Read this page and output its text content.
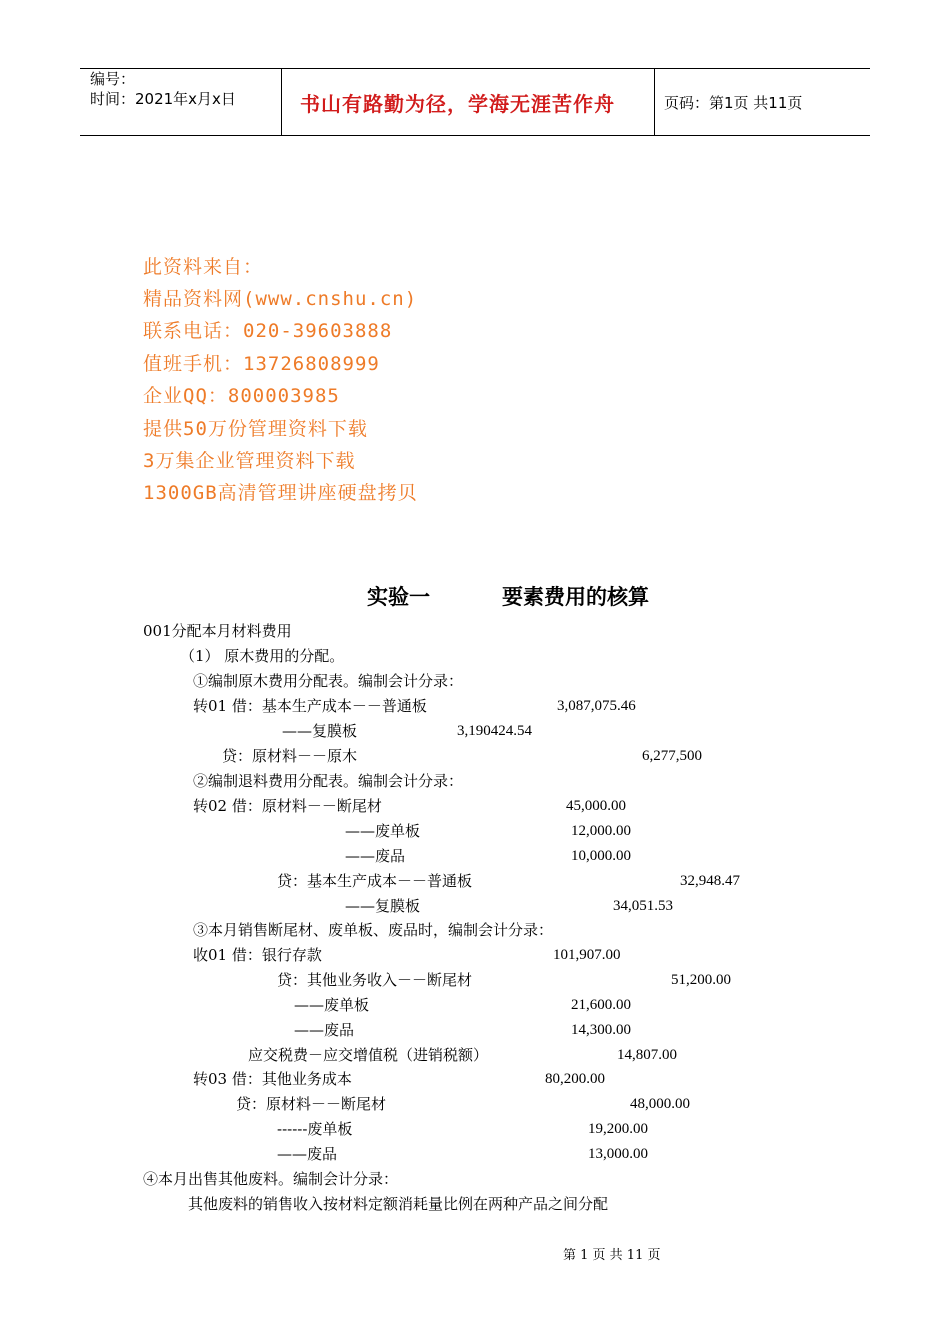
编号：
时间：2021年x月x日	书山有路勤为径，学海无涯苦作舟	页码：第1页 共11页
此资料来自：
精品资料网(www.cnshu.cn)
联系电话：020-39603888
值班手机：13726808999
企业QQ：800003985
提供50万份管理资料下载
3万集企业管理资料下载
1300GB高清管理讲座硬盘拷贝
实验一	要素费用的核算
001分配本月材料费用
（1） 原木费用的分配。
①编制原木费用分配表。编制会计分录：
转01 借：基本生产成本－－普通板	3,087,075.46
——复膜板	3,190424.54
贷：原材料－－原木	6,277,500
②编制退料费用分配表。编制会计分录：
转02 借：原材料－－断尾材	45,000.00
——废单板	12,000.00
——废品	10,000.00
贷：基本生产成本－－普通板	32,948.47
——复膜板	34,051.53
③本月销售断尾材、废单板、废品时，编制会计分录：
收01 借：银行存款	101,907.00
贷：其他业务收入－－断尾材	51,200.00
——废单板	21,600.00
——废品	14,300.00
应交税费－应交增值税（进销税额）	14,807.00
转03 借：其他业务成本	80,200.00
贷：原材料－－断尾材	48,000.00
------废单板	19,200.00
——废品	13,000.00
④本月出售其他废料。编制会计分录：
其他废料的销售收入按材料定额消耗量比例在两种产品之间分配
第 1 页 共 11 页
